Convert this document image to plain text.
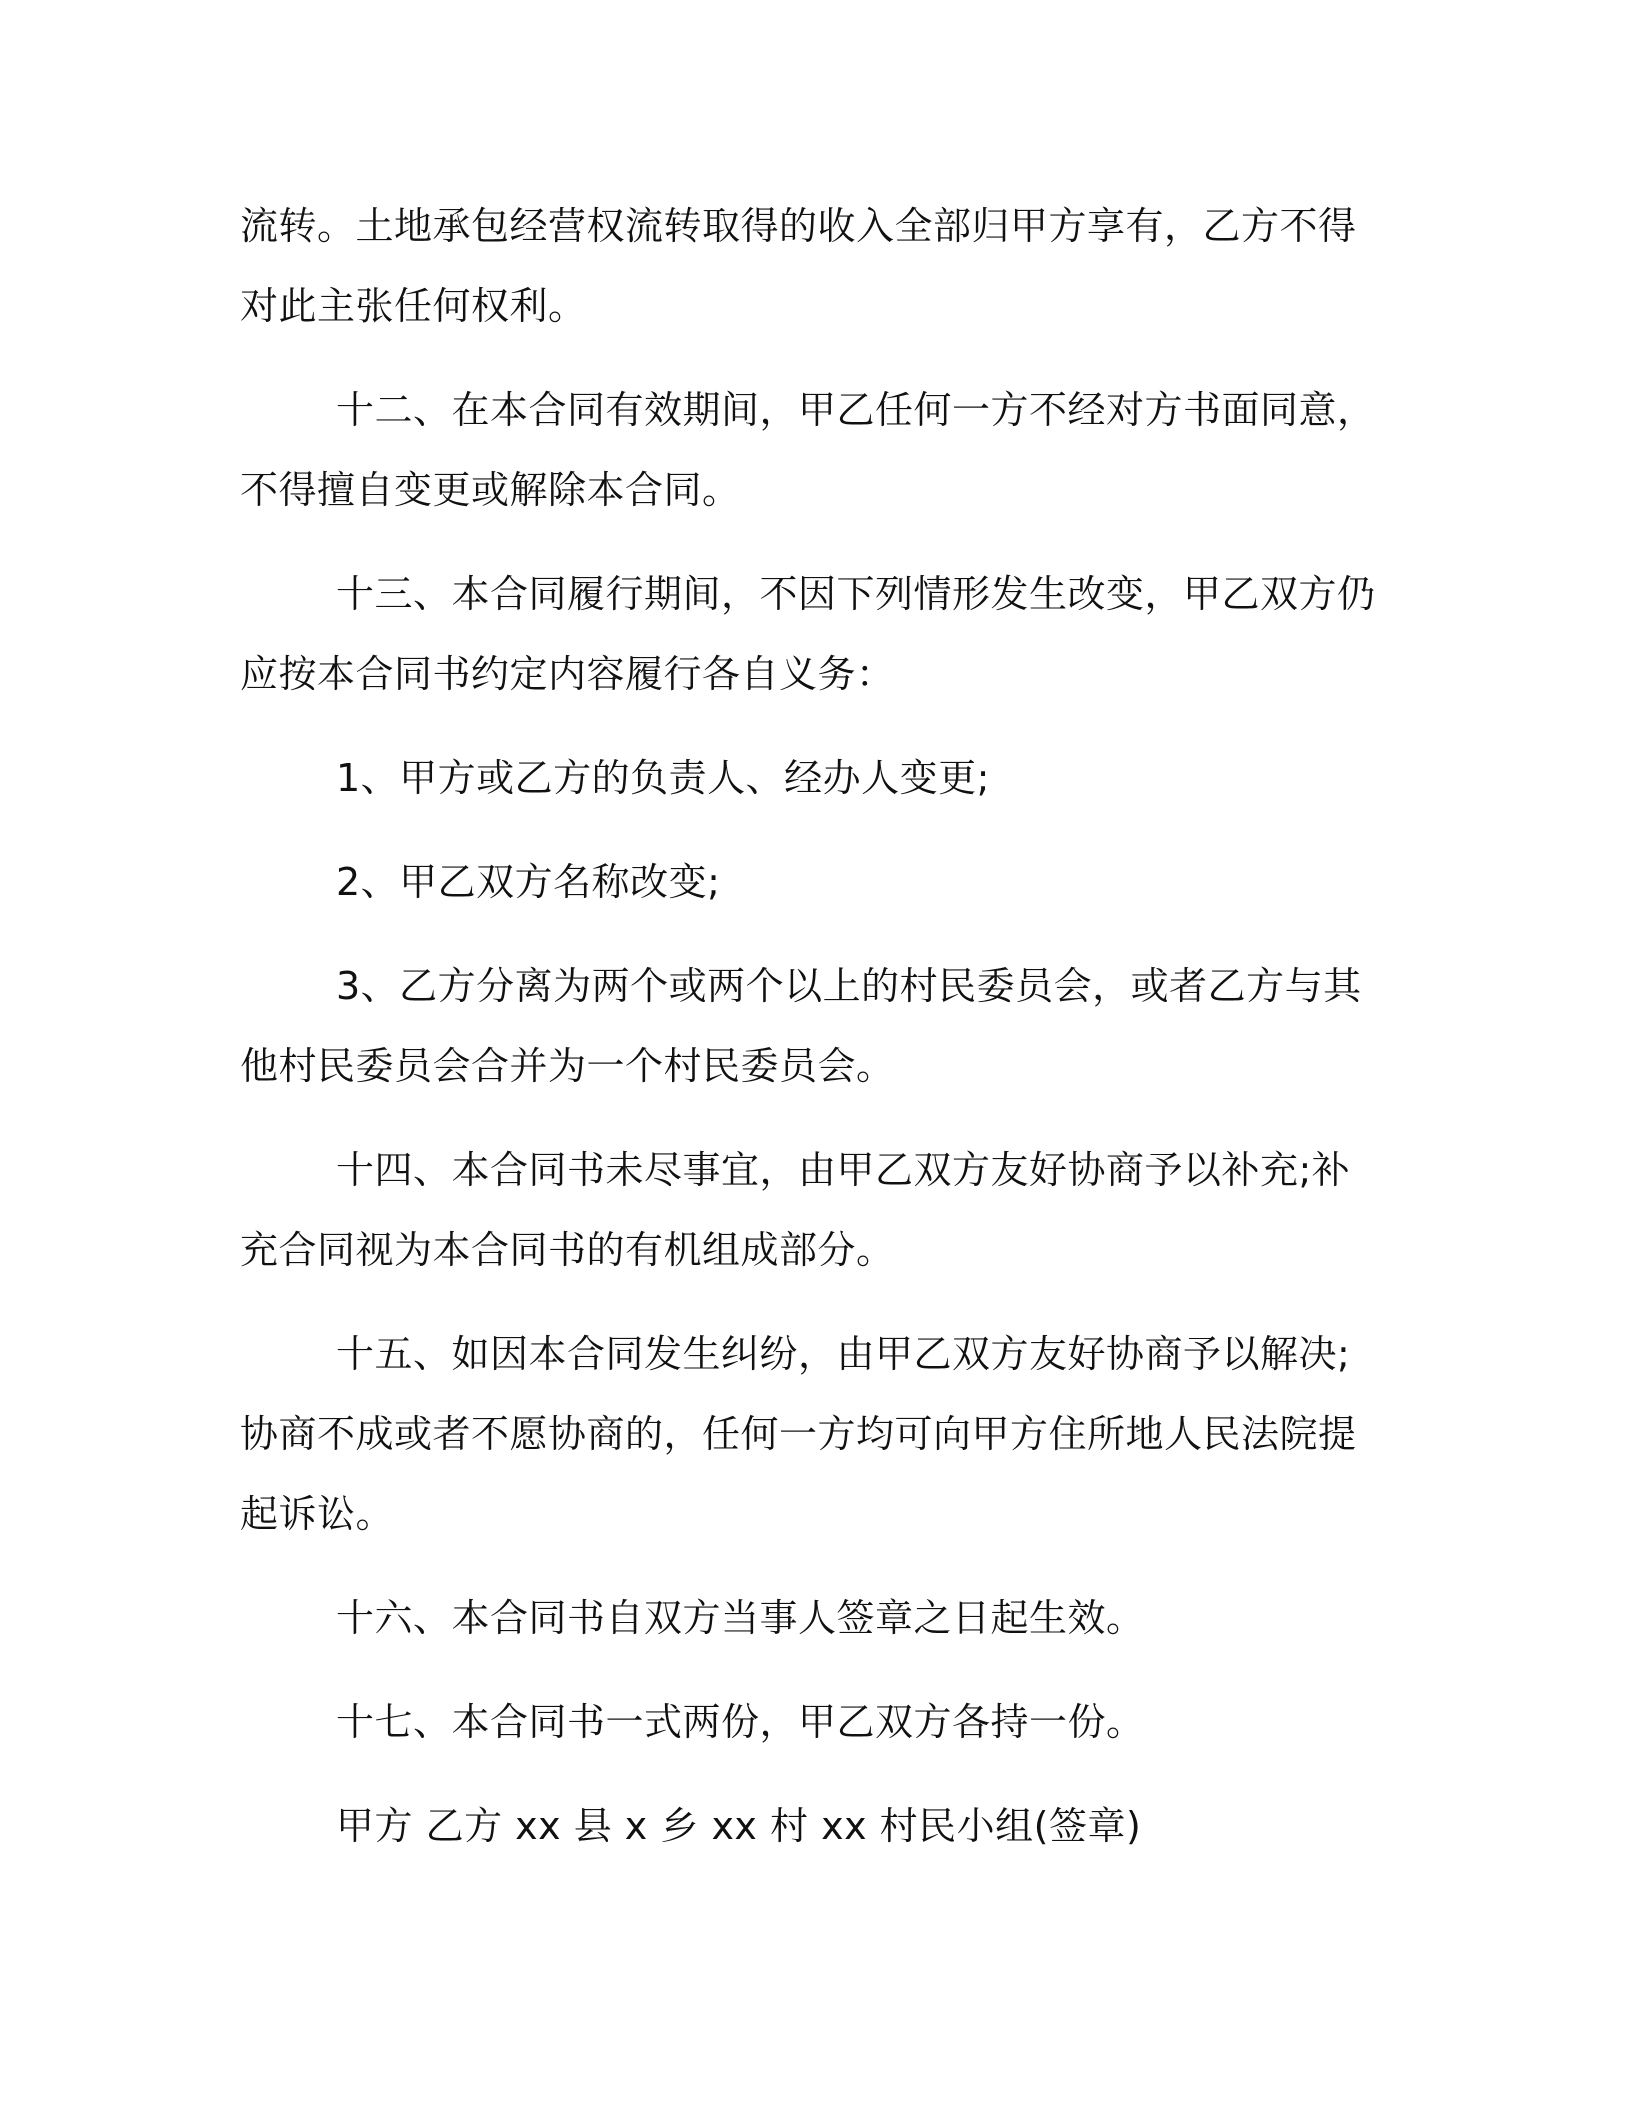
流转。土地承包经营权流转取得的收入全部归甲方享有，乙方不得对此主张任何权利。

十二、在本合同有效期间，甲乙任何一方不经对方书面同意，不得擅自变更或解除本合同。

十三、本合同履行期间，不因下列情形发生改变，甲乙双方仍应按本合同书约定内容履行各自义务：

1、甲方或乙方的负责人、经办人变更;

2、甲乙双方名称改变;

3、乙方分离为两个或两个以上的村民委员会，或者乙方与其他村民委员会合并为一个村民委员会。

十四、本合同书未尽事宜，由甲乙双方友好协商予以补充;补充合同视为本合同书的有机组成部分。

十五、如因本合同发生纠纷，由甲乙双方友好协商予以解决;协商不成或者不愿协商的，任何一方均可向甲方住所地人民法院提起诉讼。

十六、本合同书自双方当事人签章之日起生效。

十七、本合同书一式两份，甲乙双方各持一份。

甲方 乙方 xx 县 x 乡 xx 村 xx 村民小组(签章)
